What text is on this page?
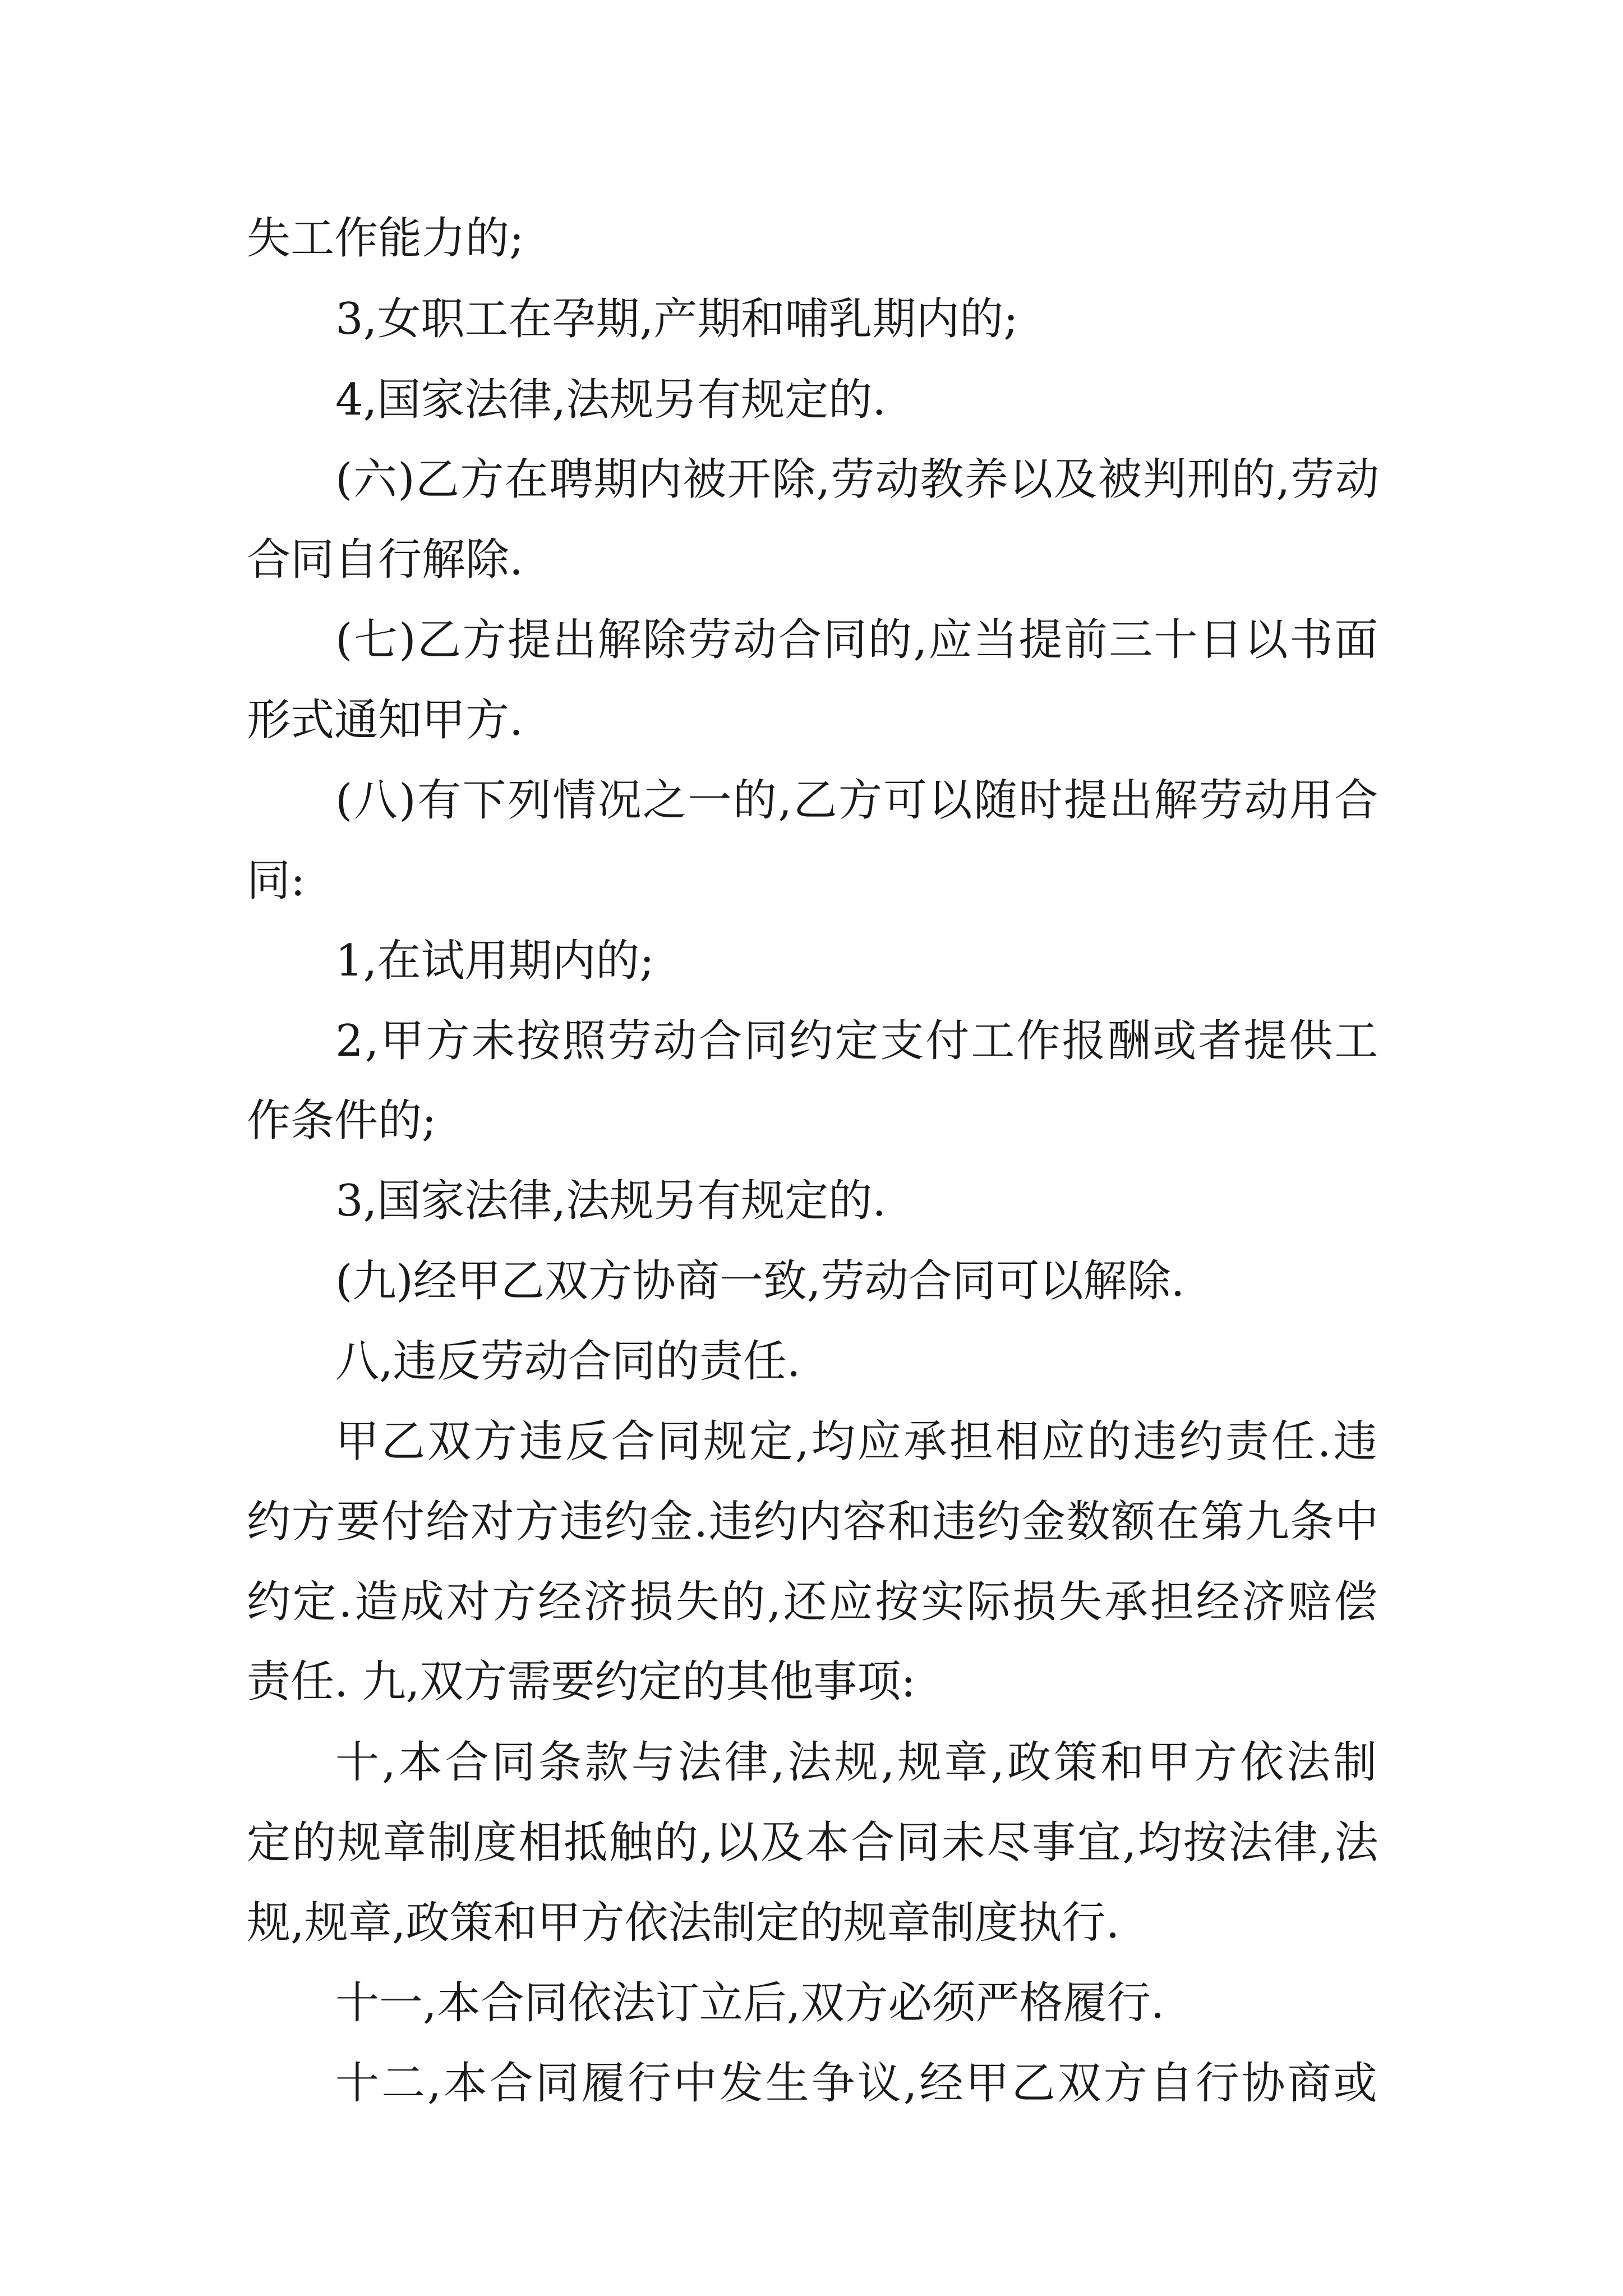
失工作能力的;
3,女职工在孕期,产期和哺乳期内的;
4,国家法律,法规另有规定的.
(六)乙方在聘期内被开除,劳动教养以及被判刑的,劳动
合同自行解除.
(七)乙方提出解除劳动合同的,应当提前三十日以书面
形式通知甲方.
(八)有下列情况之一的,乙方可以随时提出解劳动用合
同:
1,在试用期内的;
2,甲方未按照劳动合同约定支付工作报酬或者提供工
作条件的;
3,国家法律,法规另有规定的.
(九)经甲乙双方协商一致,劳动合同可以解除.
八,违反劳动合同的责任.
甲乙双方违反合同规定,均应承担相应的违约责任.违
约方要付给对方违约金.违约内容和违约金数额在第九条中
约定.造成对方经济损失的,还应按实际损失承担经济赔偿
责任. 九,双方需要约定的其他事项:
十,本合同条款与法律,法规,规章,政策和甲方依法制
定的规章制度相抵触的,以及本合同未尽事宜,均按法律,法
规,规章,政策和甲方依法制定的规章制度执行.
十一,本合同依法订立后,双方必须严格履行.
十二,本合同履行中发生争议,经甲乙双方自行协商或
